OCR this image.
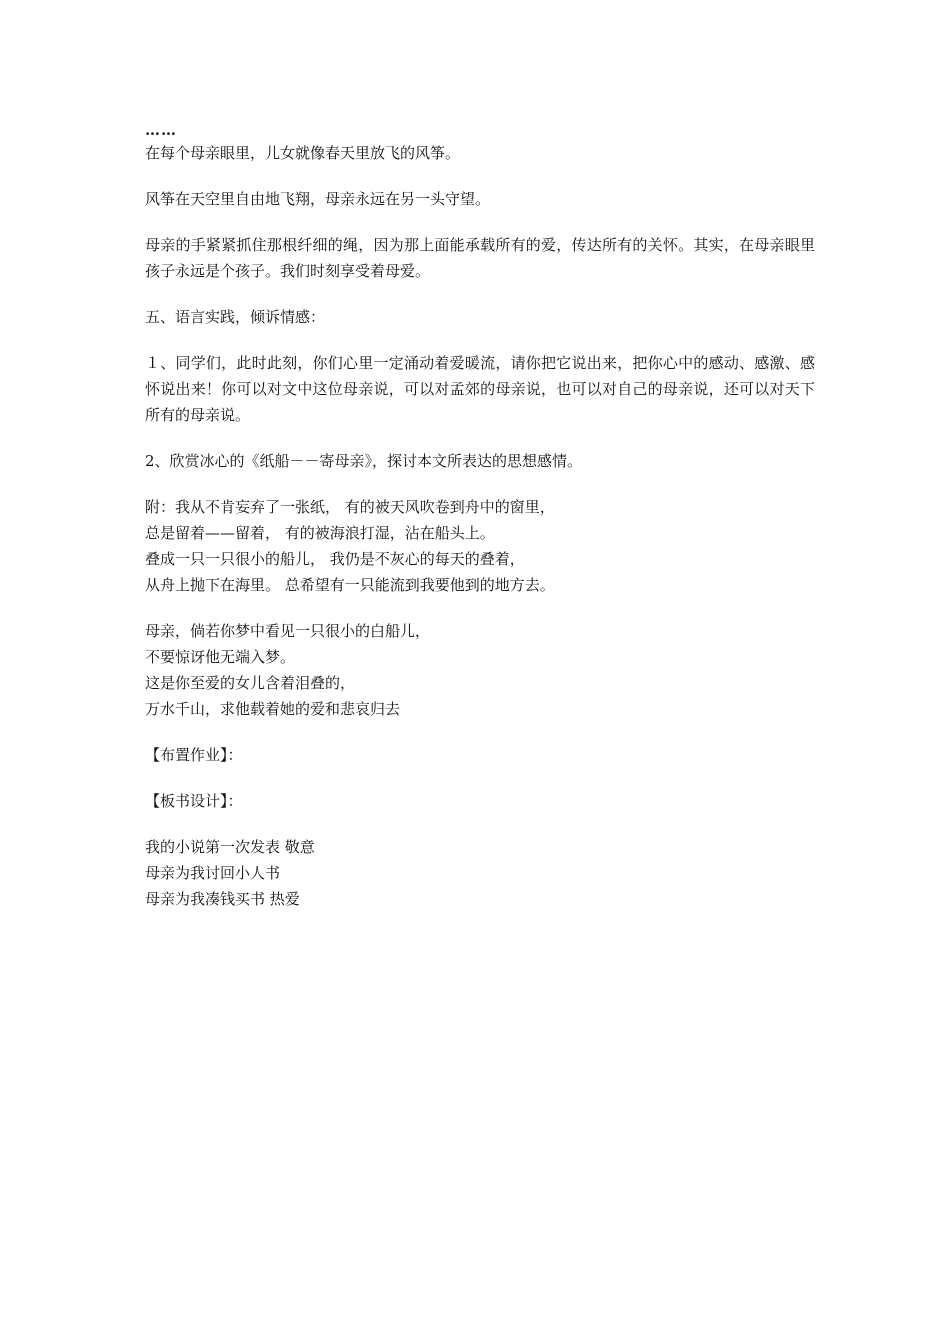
……

在每个母亲眼里，儿女就像春天里放飞的风筝。

风筝在天空里自由地飞翔，母亲永远在另一头守望。

母亲的手紧紧抓住那根纤细的绳，因为那上面能承载所有的爱，传达所有的关怀。其实，在母亲眼里孩子永远是个孩子。我们时刻享受着母爱。

五、语言实践，倾诉情感：

１、同学们，此时此刻，你们心里一定涌动着爱暖流，请你把它说出来，把你心中的感动、感激、感怀说出来！你可以对文中这位母亲说，可以对孟郊的母亲说，也可以对自己的母亲说，还可以对天下所有的母亲说。

2、欣赏冰心的《纸船－－寄母亲》，探讨本文所表达的思想感情。

附：我从不肯妄弃了一张纸， 有的被天风吹卷到舟中的窗里，

总是留着——留着， 有的被海浪打湿，沾在船头上。

叠成一只一只很小的船儿， 我仍是不灰心的每天的叠着，

从舟上抛下在海里。 总希望有一只能流到我要他到的地方去。

母亲，倘若你梦中看见一只很小的白船儿，

不要惊讶他无端入梦。

这是你至爱的女儿含着泪叠的，

万水千山，求他载着她的爱和悲哀归去

【布置作业】：

【板书设计】：

我的小说第一次发表 敬意

母亲为我讨回小人书

母亲为我凑钱买书 热爱
